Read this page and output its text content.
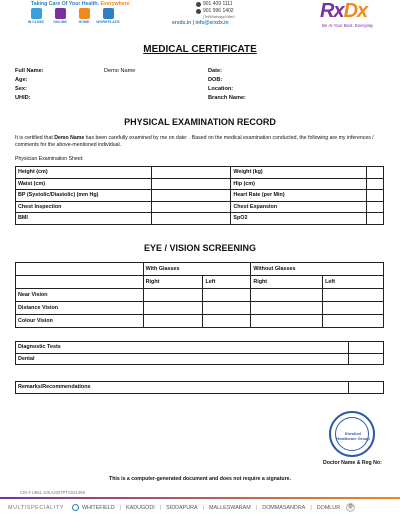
Taking Care Of Your Health. Everywhere
IN CLINIC ONLINE	HOME WORKPLACE
901 409 1111
901 996 1402
(Tel/Whatsapp/Viber)
erxdx.in | info@erxdx.in
RxDx
Be At Your Best. Everyday
MEDICAL CERTIFICATE
Full Name:	Demo Name
Age:
Sex:
UHID:
Date:
DOB:
Location:
Branch Name:
PHYSICAL EXAMINATION RECORD
It is certified that Demo Name has been carefully examined by me on date: . Based on the medical examination conducted, the following are my inferences / comments for the above-mentioned individual.
Physician Examination Sheet:
Height (cm)		Weight (kg)	
Waist (cm)		Hip (cm)	
BP (Systolic/Diastolic) (mm Hg)		Heart Rate (per Min)	
Chest Inspection		Chest Expansion	
BMI		SpO2	
EYE / VISION SCREENING
	With Glasses		Without Glasses	
	Right	Left	Right	Left
Near Vision				
Distance Vision				
Colour Vision				
Diagnostic Tests	
Dental	
Remarks/Recommendations	
Enrolled Healthcare Group
Doctor Name & Reg No:
This is a computer-generated document and does not require a signature.
CIN # U851 10KA2007PTC041369
MULTISPECIALITY	WHITEFIELD | KADUGODI | SIDDAPURA | MALLESWARAM | DOMMASANDRA | DOMLUR ⚙
